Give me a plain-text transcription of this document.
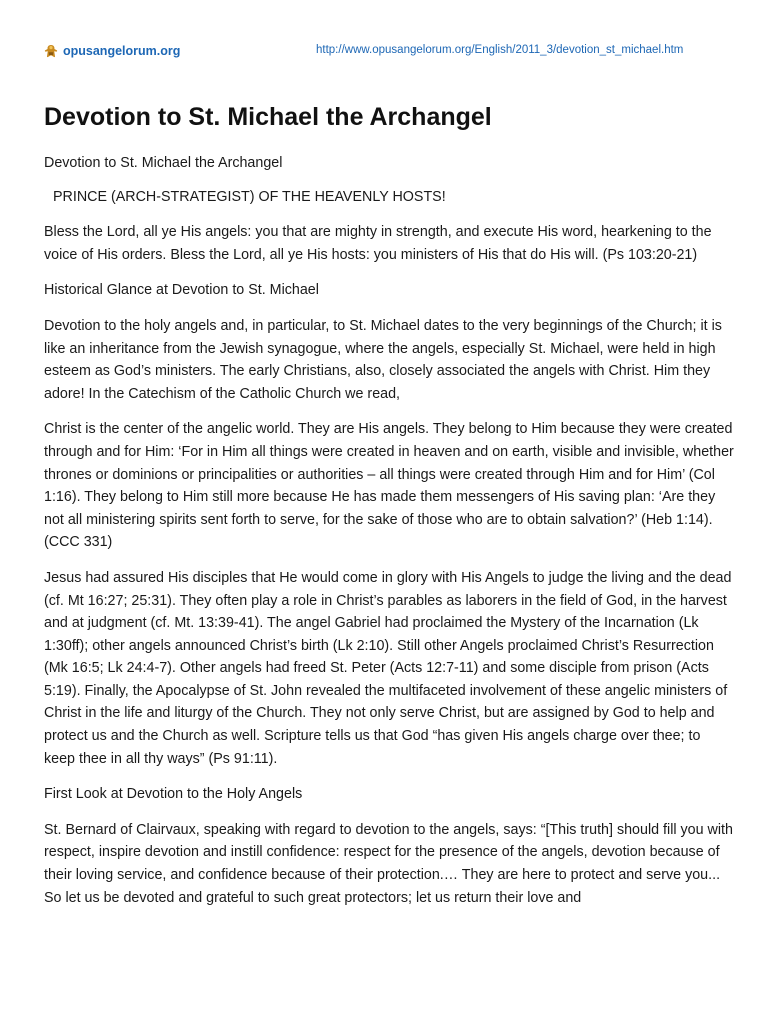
opusangelorum.org	http://www.opusangelorum.org/English/2011_3/devotion_st_michael.htm
Devotion to St. Michael the Archangel

Devotion to St. Michael the Archangel

PRINCE (ARCH-STRATEGIST) OF THE HEAVENLY HOSTS!

Bless the Lord, all ye His angels: you that are mighty in strength, and execute His word, hearkening to the voice of His orders. Bless the Lord, all ye His hosts: you ministers of His that do His will. (Ps 103:20-21)

Historical Glance at Devotion to St. Michael

Devotion to the holy angels and, in particular, to St. Michael dates to the very beginnings of the Church; it is like an inheritance from the Jewish synagogue, where the angels, especially St. Michael, were held in high esteem as God’s ministers. The early Christians, also, closely associated the angels with Christ. Him they adore! In the Catechism of the Catholic Church we read,

Christ is the center of the angelic world. They are His angels. They belong to Him because they were created through and for Him: ‘For in Him all things were created in heaven and on earth, visible and invisible, whether thrones or dominions or principalities or authorities – all things were created through Him and for Him’ (Col 1:16). They belong to Him still more because He has made them messengers of His saving plan: ‘Are they not all ministering spirits sent forth to serve, for the sake of those who are to obtain salvation?’ (Heb 1:14). (CCC 331)

Jesus had assured His disciples that He would come in glory with His Angels to judge the living and the dead (cf. Mt 16:27; 25:31). They often play a role in Christ’s parables as laborers in the field of God, in the harvest and at judgment (cf. Mt. 13:39-41). The angel Gabriel had proclaimed the Mystery of the Incarnation (Lk 1:30ff); other angels announced Christ’s birth (Lk 2:10). Still other Angels proclaimed Christ’s Resurrection (Mk 16:5; Lk 24:4-7). Other angels had freed St. Peter (Acts 12:7-11) and some disciple from prison (Acts 5:19). Finally, the Apocalypse of St. John revealed the multifaceted involvement of these angelic ministers of Christ in the life and liturgy of the Church. They not only serve Christ, but are assigned by God to help and protect us and the Church as well. Scripture tells us that God “has given His angels charge over thee; to keep thee in all thy ways” (Ps 91:11).

First Look at Devotion to the Holy Angels

St. Bernard of Clairvaux, speaking with regard to devotion to the angels, says: “[This truth] should fill you with respect, inspire devotion and instill confidence: respect for the presence of the angels, devotion because of their loving service, and confidence because of their protection.… They are here to protect and serve you... So let us be devoted and grateful to such great protectors; let us return their love and
